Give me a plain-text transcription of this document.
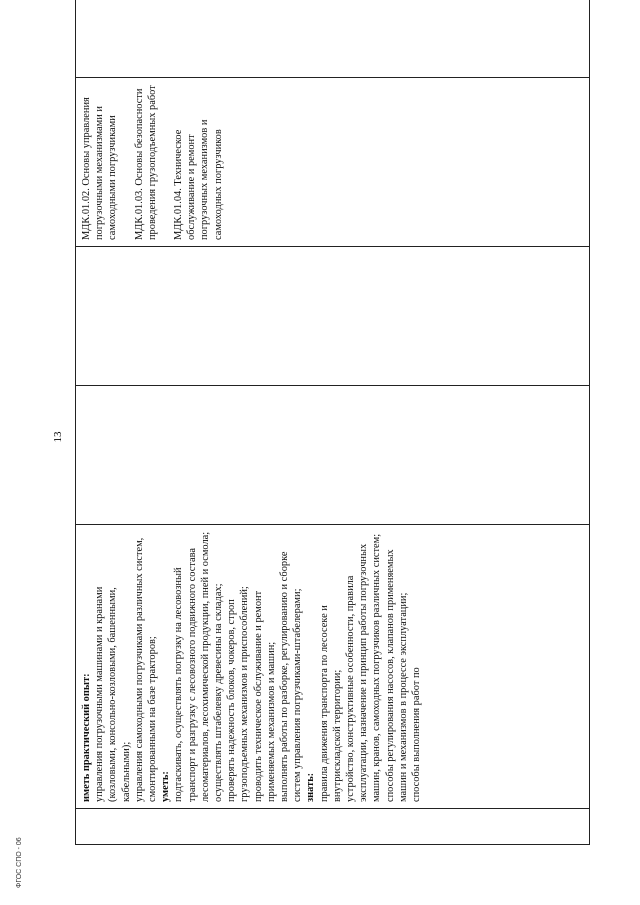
иметь практический опыт: управления погрузочными машинами и кранами (козловыми, консольно-козловыми, башенными, кабельными); управления самоходными погрузчиками различных систем, смонтированными на базе тракторов; уметь: подтаскивать, осуществлять погрузку на лесовозный транспорт и разгрузку с лесовозного подвижного состава лесоматериалов, лесохимической продукции, пней и осмола; осуществлять штабелевку древесины на складах; проверять надежность блоков, чокеров, строп грузоподъемных механизмов и приспособлений; проводить техническое обслуживание и ремонт применяемых механизмов и машин; выполнять работы по разборке, регулированию и сборке систем управления погрузчиками-штабелерами; знать: правила движения транспорта по лесосеке и внутрискладской территории; устройство, конструктивные особенности, правила эксплуатации, назначение и принцип работы погрузочных машин, кранов, самоходных погрузчиков различных систем; способы регулирования насосов, клапанов применяемых машин и механизмов в процессе эксплуатации; способы выполнения работ по

МДК.01.02. Основы управления погрузочными механизмами и самоходными погрузчиками МДК.01.03. Основы безопасности проведения грузоподъемных работ МДК.01.04. Техническое обслуживание и ремонт погрузочных механизмов и самоходных погрузчиков

13
ФГОС СПО - 06
